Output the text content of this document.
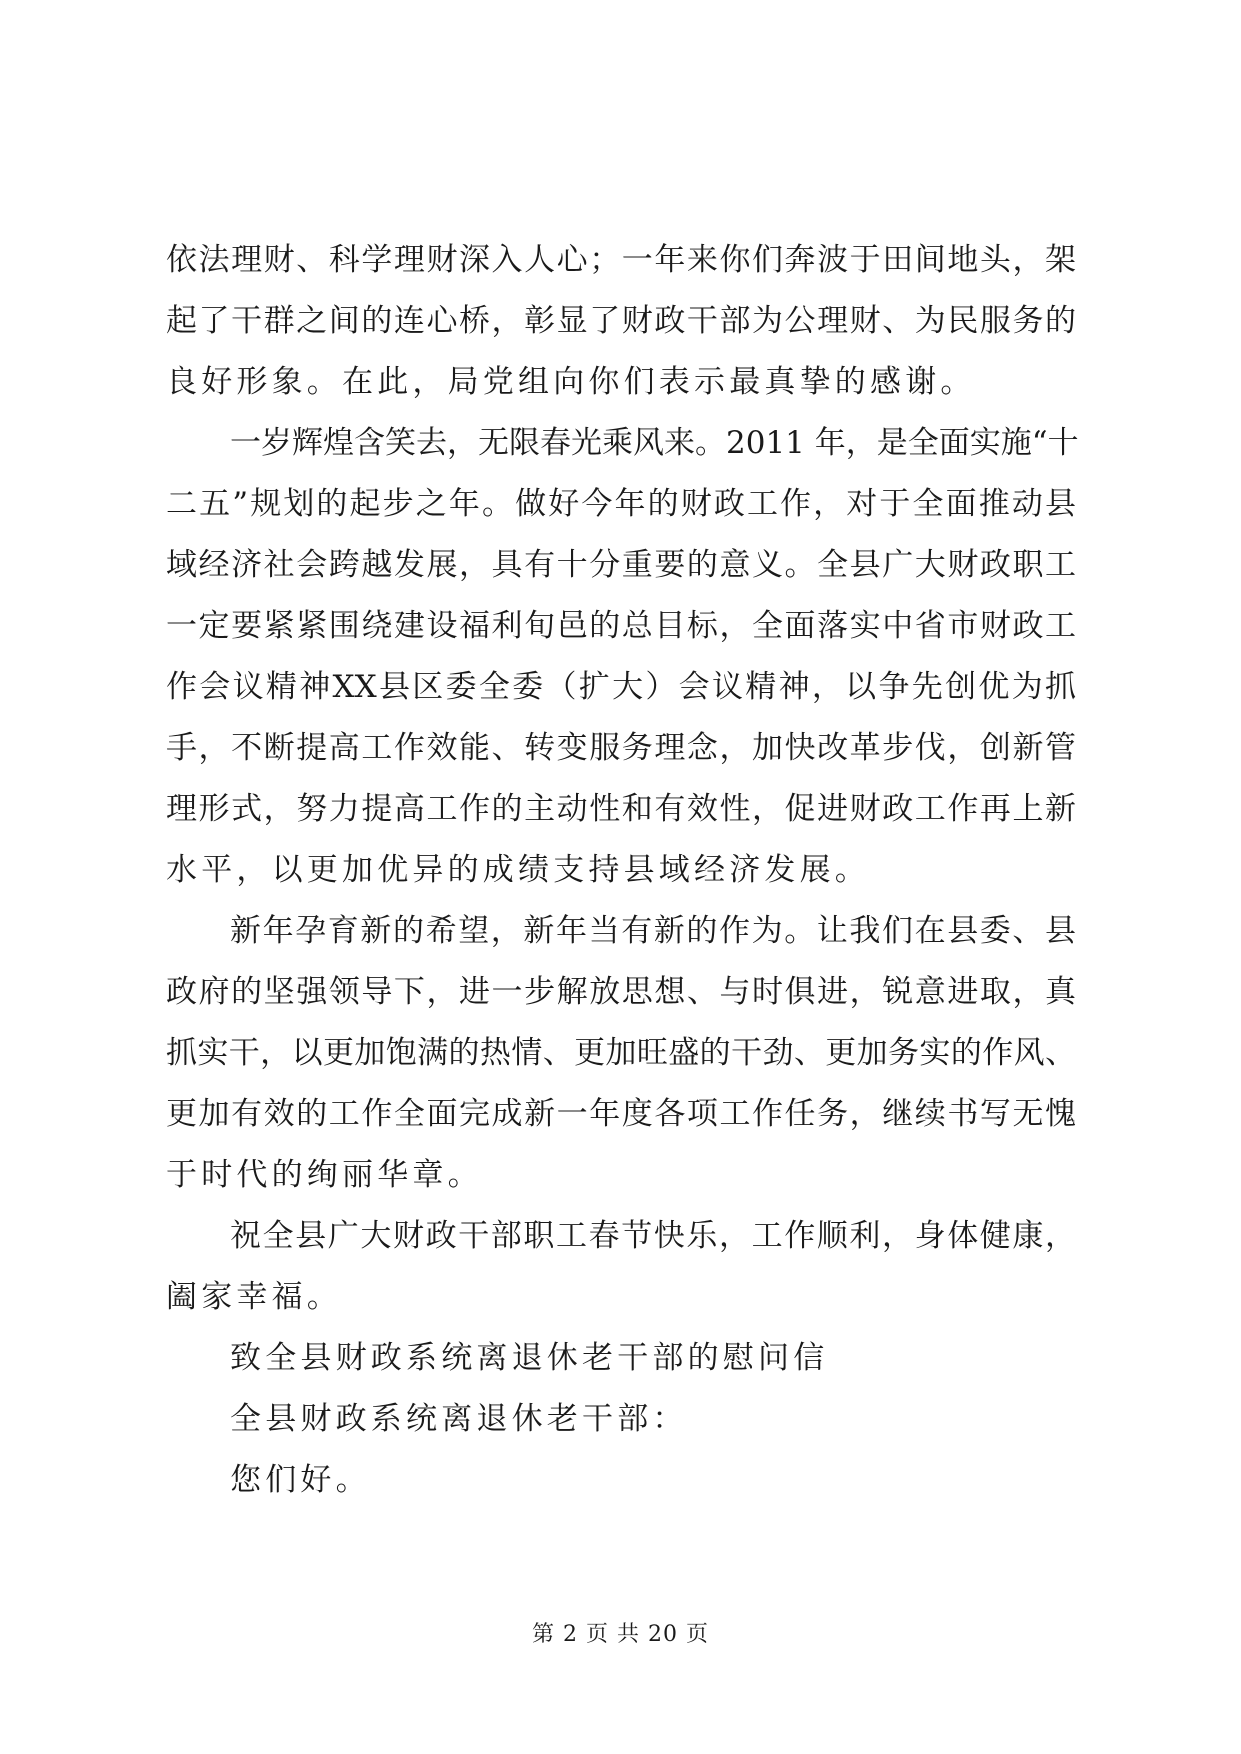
依法理财、科学理财深入人心；一年来你们奔波于田间地头，架
起了干群之间的连心桥，彰显了财政干部为公理财、为民服务的
良好形象。在此，局党组向你们表示最真挚的感谢。
一岁辉煌含笑去，无限春光乘风来。2011 年，是全面实施“十
二五”规划的起步之年。做好今年的财政工作，对于全面推动县
域经济社会跨越发展，具有十分重要的意义。全县广大财政职工
一定要紧紧围绕建设福利旬邑的总目标，全面落实中省市财政工
作会议精神XX县区委全委（扩大）会议精神，以争先创优为抓
手，不断提高工作效能、转变服务理念，加快改革步伐，创新管
理形式，努力提高工作的主动性和有效性，促进财政工作再上新
水平，以更加优异的成绩支持县域经济发展。
新年孕育新的希望，新年当有新的作为。让我们在县委、县
政府的坚强领导下，进一步解放思想、与时俱进，锐意进取，真
抓实干，以更加饱满的热情、更加旺盛的干劲、更加务实的作风、
更加有效的工作全面完成新一年度各项工作任务，继续书写无愧
于时代的绚丽华章。
祝全县广大财政干部职工春节快乐，工作顺利，身体健康，
阖家幸福。
致全县财政系统离退休老干部的慰问信
全县财政系统离退休老干部：
您们好。
第 2 页 共 20 页
